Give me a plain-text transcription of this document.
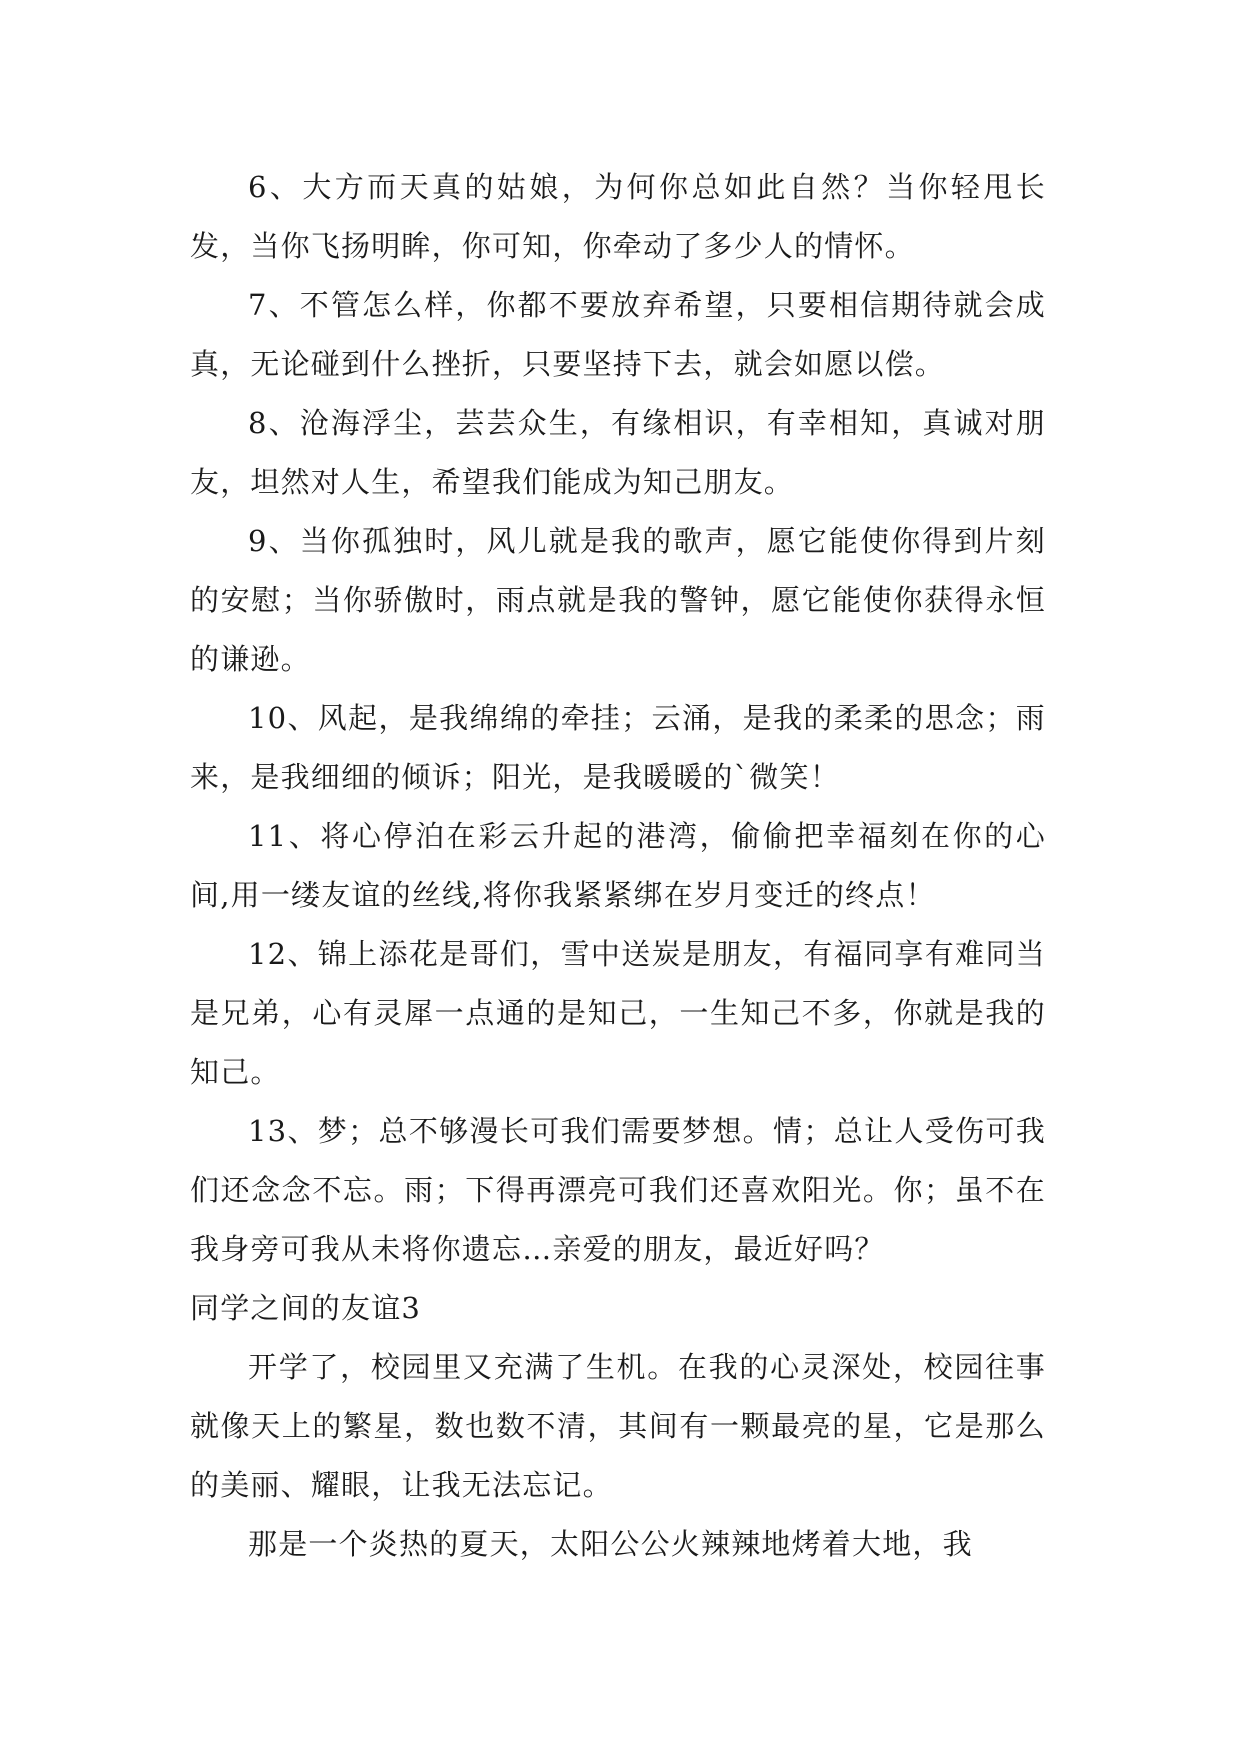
6、大方而天真的姑娘，为何你总如此自然？当你轻甩长发，当你飞扬明眸，你可知，你牵动了多少人的情怀。

7、不管怎么样，你都不要放弃希望，只要相信期待就会成真，无论碰到什么挫折，只要坚持下去，就会如愿以偿。

8、沧海浮尘，芸芸众生，有缘相识，有幸相知，真诚对朋友，坦然对人生，希望我们能成为知己朋友。

9、当你孤独时，风儿就是我的歌声，愿它能使你得到片刻的安慰；当你骄傲时，雨点就是我的警钟，愿它能使你获得永恒的谦逊。

10、风起，是我绵绵的牵挂；云涌，是我的柔柔的思念；雨来，是我细细的倾诉；阳光，是我暖暖的`微笑！

11、将心停泊在彩云升起的港湾，偷偷把幸福刻在你的心间,用一缕友谊的丝线,将你我紧紧绑在岁月变迁的终点！

12、锦上添花是哥们，雪中送炭是朋友，有福同享有难同当是兄弟，心有灵犀一点通的是知己，一生知己不多，你就是我的知己。

13、梦；总不够漫长可我们需要梦想。情；总让人受伤可我们还念念不忘。雨；下得再漂亮可我们还喜欢阳光。你；虽不在我身旁可我从未将你遗忘…亲爱的朋友，最近好吗？

同学之间的友谊3

开学了，校园里又充满了生机。在我的心灵深处，校园往事就像天上的繁星，数也数不清，其间有一颗最亮的星，它是那么的美丽、耀眼，让我无法忘记。

那是一个炎热的夏天，太阳公公火辣辣地烤着大地，我
